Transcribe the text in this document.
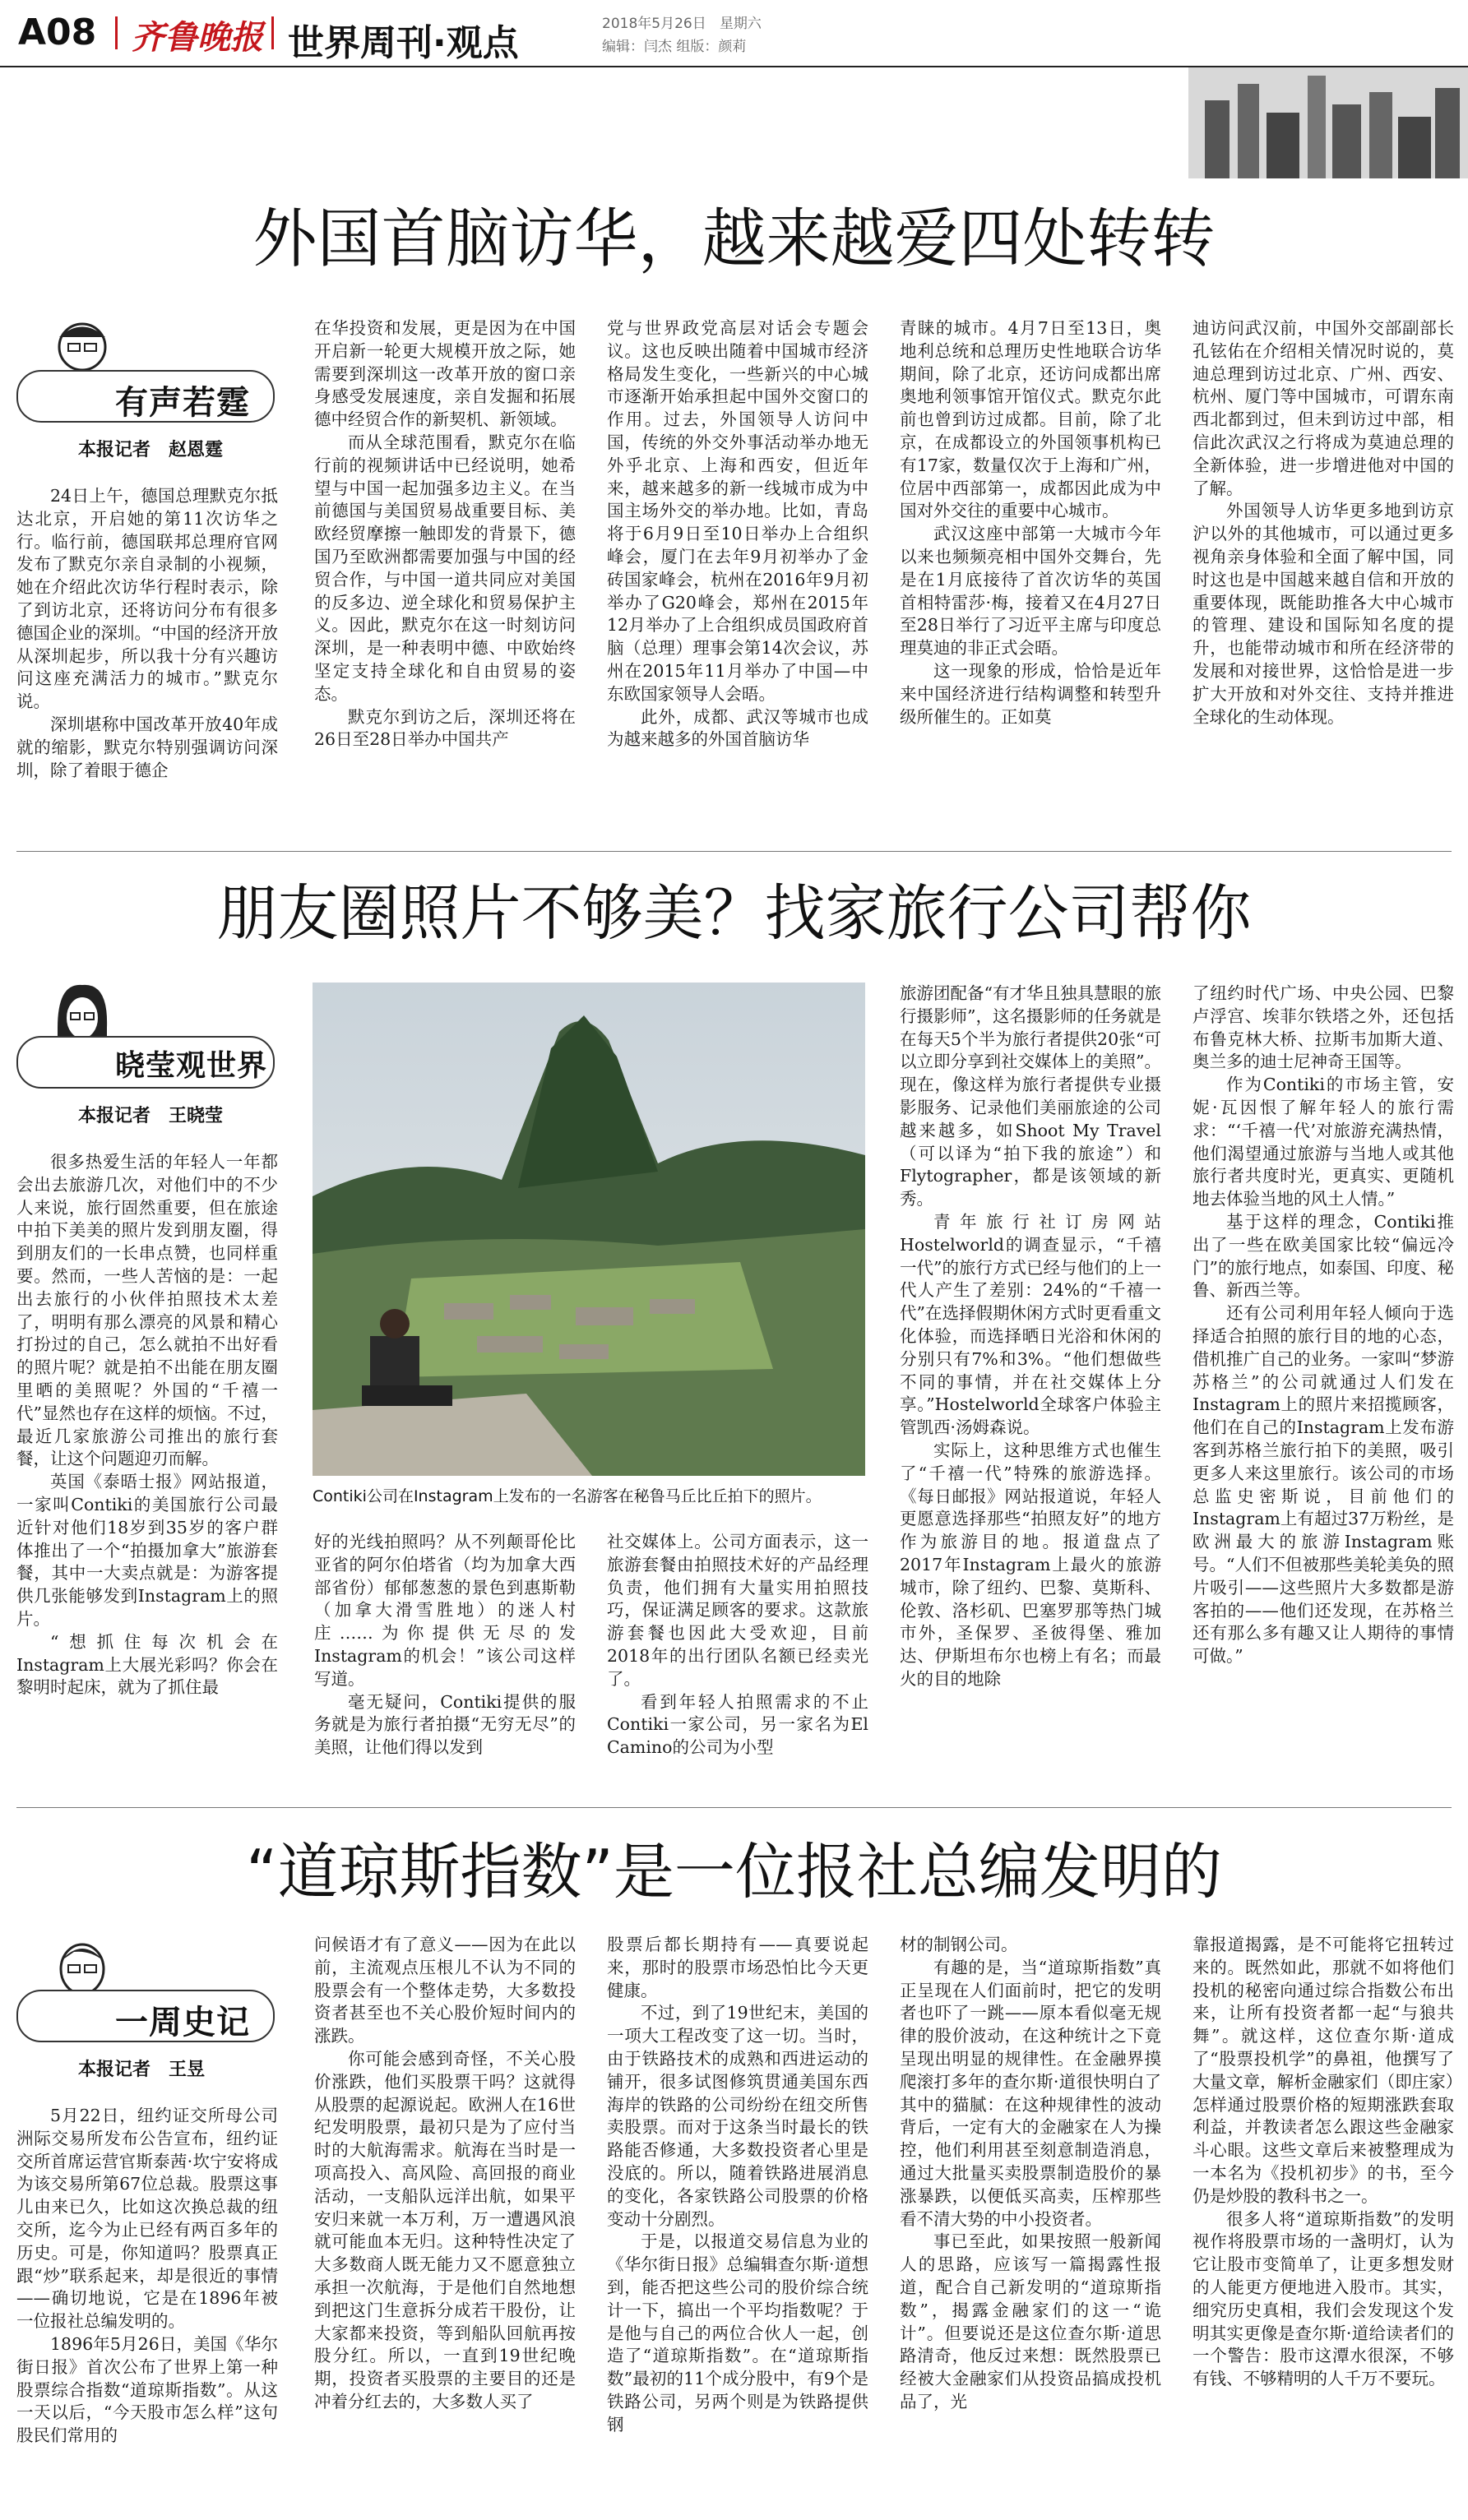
A08 齐鲁晚报 世界周刊·观点	2018年5月26日 星期六
编辑：闫杰 组版：颜莉
外国首脑访华，越来越爱四处转转
有声若霆
本报记者　赵恩霆

24日上午，德国总理默克尔抵达北京，开启她的第11次访华之行。临行前，德国联邦总理府官网发布了默克尔亲自录制的小视频，她在介绍此次访华行程时表示，除了到访北京，还将访问分布有很多德国企业的深圳。“中国的经济开放从深圳起步，所以我十分有兴趣访问这座充满活力的城市。”默克尔说。

深圳堪称中国改革开放40年成就的缩影，默克尔特别强调访问深圳，除了着眼于德企

在华投资和发展，更是因为在中国开启新一轮更大规模开放之际，她需要到深圳这一改革开放的窗口亲身感受发展速度，亲自发掘和拓展德中经贸合作的新契机、新领域。

而从全球范围看，默克尔在临行前的视频讲话中已经说明，她希望与中国一起加强多边主义。在当前德国与美国贸易战重要目标、美欧经贸摩擦一触即发的背景下，德国乃至欧洲都需要加强与中国的经贸合作，与中国一道共同应对美国的反多边、逆全球化和贸易保护主义。因此，默克尔在这一时刻访问深圳，是一种表明中德、中欧始终坚定支持全球化和自由贸易的姿态。

默克尔到访之后，深圳还将在26日至28日举办中国共产

党与世界政党高层对话会专题会议。这也反映出随着中国城市经济格局发生变化，一些新兴的中心城市逐渐开始承担起中国外交窗口的作用。过去，外国领导人访问中国，传统的外交外事活动举办地无外乎北京、上海和西安，但近年来，越来越多的新一线城市成为中国主场外交的举办地。比如，青岛将于6月9日至10日举办上合组织峰会，厦门在去年9月初举办了金砖国家峰会，杭州在2016年9月初举办了G20峰会，郑州在2015年12月举办了上合组织成员国政府首脑（总理）理事会第14次会议，苏州在2015年11月举办了中国—中东欧国家领导人会晤。

此外，成都、武汉等城市也成为越来越多的外国首脑访华

青睐的城市。4月7日至13日，奥地利总统和总理历史性地联合访华期间，除了北京，还访问成都出席奥地利领事馆开馆仪式。默克尔此前也曾到访过成都。目前，除了北京，在成都设立的外国领事机构已有17家，数量仅次于上海和广州，位居中西部第一，成都因此成为中国对外交往的重要中心城市。

武汉这座中部第一大城市今年以来也频频亮相中国外交舞台，先是在1月底接待了首次访华的英国首相特雷莎·梅，接着又在4月27日至28日举行了习近平主席与印度总理莫迪的非正式会晤。

这一现象的形成，恰恰是近年来中国经济进行结构调整和转型升级所催生的。正如莫

迪访问武汉前，中国外交部副部长孔铉佑在介绍相关情况时说的，莫迪总理到访过北京、广州、西安、杭州、厦门等中国城市，可谓东南西北都到过，但未到访过中部，相信此次武汉之行将成为莫迪总理的全新体验，进一步增进他对中国的了解。

外国领导人访华更多地到访京沪以外的其他城市，可以通过更多视角亲身体验和全面了解中国，同时这也是中国越来越自信和开放的重要体现，既能助推各大中心城市的管理、建设和国际知名度的提升，也能带动城市和所在经济带的发展和对接世界，这恰恰是进一步扩大开放和对外交往、支持并推进全球化的生动体现。

朋友圈照片不够美？找家旅行公司帮你
晓莹观世界
本报记者　王晓莹

很多热爱生活的年轻人一年都会出去旅游几次，对他们中的不少人来说，旅行固然重要，但在旅途中拍下美美的照片发到朋友圈，得到朋友们的一长串点赞，也同样重要。然而，一些人苦恼的是：一起出去旅行的小伙伴拍照技术太差了，明明有那么漂亮的风景和精心打扮过的自己，怎么就拍不出好看的照片呢？就是拍不出能在朋友圈里晒的美照呢？外国的“千禧一代”显然也存在这样的烦恼。不过，最近几家旅游公司推出的旅行套餐，让这个问题迎刃而解。

英国《泰晤士报》网站报道，一家叫Contiki的美国旅行公司最近针对他们18岁到35岁的客户群体推出了一个“拍摄加拿大”旅游套餐，其中一大卖点就是：为游客提供几张能够发到Instagram上的照片。

“想抓住每次机会在Instagram上大展光彩吗？你会在黎明时起床，就为了抓住最

Contiki公司在Instagram上发布的一名游客在秘鲁马丘比丘拍下的照片。

好的光线拍照吗？从不列颠哥伦比亚省的阿尔伯塔省（均为加拿大西部省份）郁郁葱葱的景色到惠斯勒（加拿大滑雪胜地）的迷人村庄……为你提供无尽的发Instagram的机会！”该公司这样写道。

毫无疑问，Contiki提供的服务就是为旅行者拍摄“无穷无尽”的美照，让他们得以发到

社交媒体上。公司方面表示，这一旅游套餐由拍照技术好的产品经理负责，他们拥有大量实用拍照技巧，保证满足顾客的要求。这款旅游套餐也因此大受欢迎，目前2018年的出行团队名额已经卖光了。

看到年轻人拍照需求的不止Contiki一家公司，另一家名为El Camino的公司为小型

旅游团配备“有才华且独具慧眼的旅行摄影师”，这名摄影师的任务就是在每天5个半为旅行者提供20张“可以立即分享到社交媒体上的美照”。现在，像这样为旅行者提供专业摄影服务、记录他们美丽旅途的公司越来越多，如Shoot My Travel（可以译为“拍下我的旅途”）和Flytographer，都是该领域的新秀。

青年旅行社订房网站Hostelworld的调查显示，“千禧一代”的旅行方式已经与他们的上一代人产生了差别：24%的“千禧一代”在选择假期休闲方式时更看重文化体验，而选择晒日光浴和休闲的分别只有7%和3%。“他们想做些不同的事情，并在社交媒体上分享。”Hostelworld全球客户体验主管凯西·汤姆森说。

实际上，这种思维方式也催生了“千禧一代”特殊的旅游选择。《每日邮报》网站报道说，年轻人更愿意选择那些“拍照友好”的地方作为旅游目的地。报道盘点了2017年Instagram上最火的旅游城市，除了纽约、巴黎、莫斯科、伦敦、洛杉矶、巴塞罗那等热门城市外，圣保罗、圣彼得堡、雅加达、伊斯坦布尔也榜上有名；而最火的目的地除

了纽约时代广场、中央公园、巴黎卢浮宫、埃菲尔铁塔之外，还包括布鲁克林大桥、拉斯韦加斯大道、奥兰多的迪士尼神奇王国等。

作为Contiki的市场主管，安妮·瓦因恨了解年轻人的旅行需求：“‘千禧一代’对旅游充满热情，他们渴望通过旅游与当地人或其他旅行者共度时光，更真实、更随机地去体验当地的风土人情。”

基于这样的理念，Contiki推出了一些在欧美国家比较“偏远冷门”的旅行地点，如泰国、印度、秘鲁、新西兰等。

还有公司利用年轻人倾向于选择适合拍照的旅行目的地的心态，借机推广自己的业务。一家叫“梦游苏格兰”的公司就通过人们发在Instagram上的照片来招揽顾客，他们在自己的Instagram上发布游客到苏格兰旅行拍下的美照，吸引更多人来这里旅行。该公司的市场总监史密斯说，目前他们的Instagram上有超过37万粉丝，是欧洲最大的旅游Instagram账号。“人们不但被那些美轮美奂的照片吸引——这些照片大多数都是游客拍的——他们还发现，在苏格兰还有那么多有趣又让人期待的事情可做。”

“道琼斯指数”是一位报社总编发明的
一周史记
本报记者　王昱

5月22日，纽约证交所母公司洲际交易所发布公告宣布，纽约证交所首席运营官斯泰茜·坎宁安将成为该交易所第67位总裁。股票这事儿由来已久，比如这次换总裁的纽交所，迄今为止已经有两百多年的历史。可是，你知道吗？股票真正跟“炒”联系起来，却是很近的事情——确切地说，它是在1896年被一位报社总编发明的。

1896年5月26日，美国《华尔街日报》首次公布了世界上第一种股票综合指数“道琼斯指数”。从这一天以后，“今天股市怎么样”这句股民们常用的

问候语才有了意义——因为在此以前，主流观点压根儿不认为不同的股票会有一个整体走势，大多数投资者甚至也不关心股价短时间内的涨跌。

你可能会感到奇怪，不关心股价涨跌，他们买股票干吗？这就得从股票的起源说起。欧洲人在16世纪发明股票，最初只是为了应付当时的大航海需求。航海在当时是一项高投入、高风险、高回报的商业活动，一支船队远洋出航，如果平安归来就一本万利，万一遭遇风浪就可能血本无归。这种特性决定了大多数商人既无能力又不愿意独立承担一次航海，于是他们自然地想到把这门生意拆分成若干股份，让大家都来投资，等到船队回航再按股分红。所以，一直到19世纪晚期，投资者买股票的主要目的还是冲着分红去的，大多数人买了

股票后都长期持有——真要说起来，那时的股票市场恐怕比今天更健康。

不过，到了19世纪末，美国的一项大工程改变了这一切。当时，由于铁路技术的成熟和西进运动的铺开，很多试图修筑贯通美国东西海岸的铁路的公司纷纷在纽交所售卖股票。而对于这条当时最长的铁路能否修通，大多数投资者心里是没底的。所以，随着铁路进展消息的变化，各家铁路公司股票的价格变动十分剧烈。

于是，以报道交易信息为业的《华尔街日报》总编辑查尔斯·道想到，能否把这些公司的股价综合统计一下，搞出一个平均指数呢？于是他与自己的两位合伙人一起，创造了“道琼斯指数”。在“道琼斯指数”最初的11个成分股中，有9个是铁路公司，另两个则是为铁路提供钢

材的制钢公司。

有趣的是，当“道琼斯指数”真正呈现在人们面前时，把它的发明者也吓了一跳——原本看似毫无规律的股价波动，在这种统计之下竟呈现出明显的规律性。在金融界摸爬滚打多年的查尔斯·道很快明白了其中的猫腻：在这种规律性的波动背后，一定有大的金融家在人为操控，他们利用甚至刻意制造消息，通过大批量买卖股票制造股价的暴涨暴跌，以便低买高卖，压榨那些看不清大势的中小投资者。

事已至此，如果按照一般新闻人的思路，应该写一篇揭露性报道，配合自己新发明的“道琼斯指数”，揭露金融家们的这一“诡计”。但要说还是这位查尔斯·道思路清奇，他反过来想：既然股票已经被大金融家们从投资品搞成投机品了，光

靠报道揭露，是不可能将它扭转过来的。既然如此，那就不如将他们投机的秘密向通过综合指数公布出来，让所有投资者都一起“与狼共舞”。就这样，这位查尔斯·道成了“股票投机学”的鼻祖，他撰写了大量文章，解析金融家们（即庄家）怎样通过股票价格的短期涨跌套取利益，并教读者怎么跟这些金融家斗心眼。这些文章后来被整理成为一本名为《投机初步》的书，至今仍是炒股的教科书之一。

很多人将“道琼斯指数”的发明视作将股票市场的一盏明灯，认为它让股市变简单了，让更多想发财的人能更方便地进入股市。其实，细究历史真相，我们会发现这个发明其实更像是查尔斯·道给读者们的一个警告：股市这潭水很深，不够有钱、不够精明的人千万不要玩。
